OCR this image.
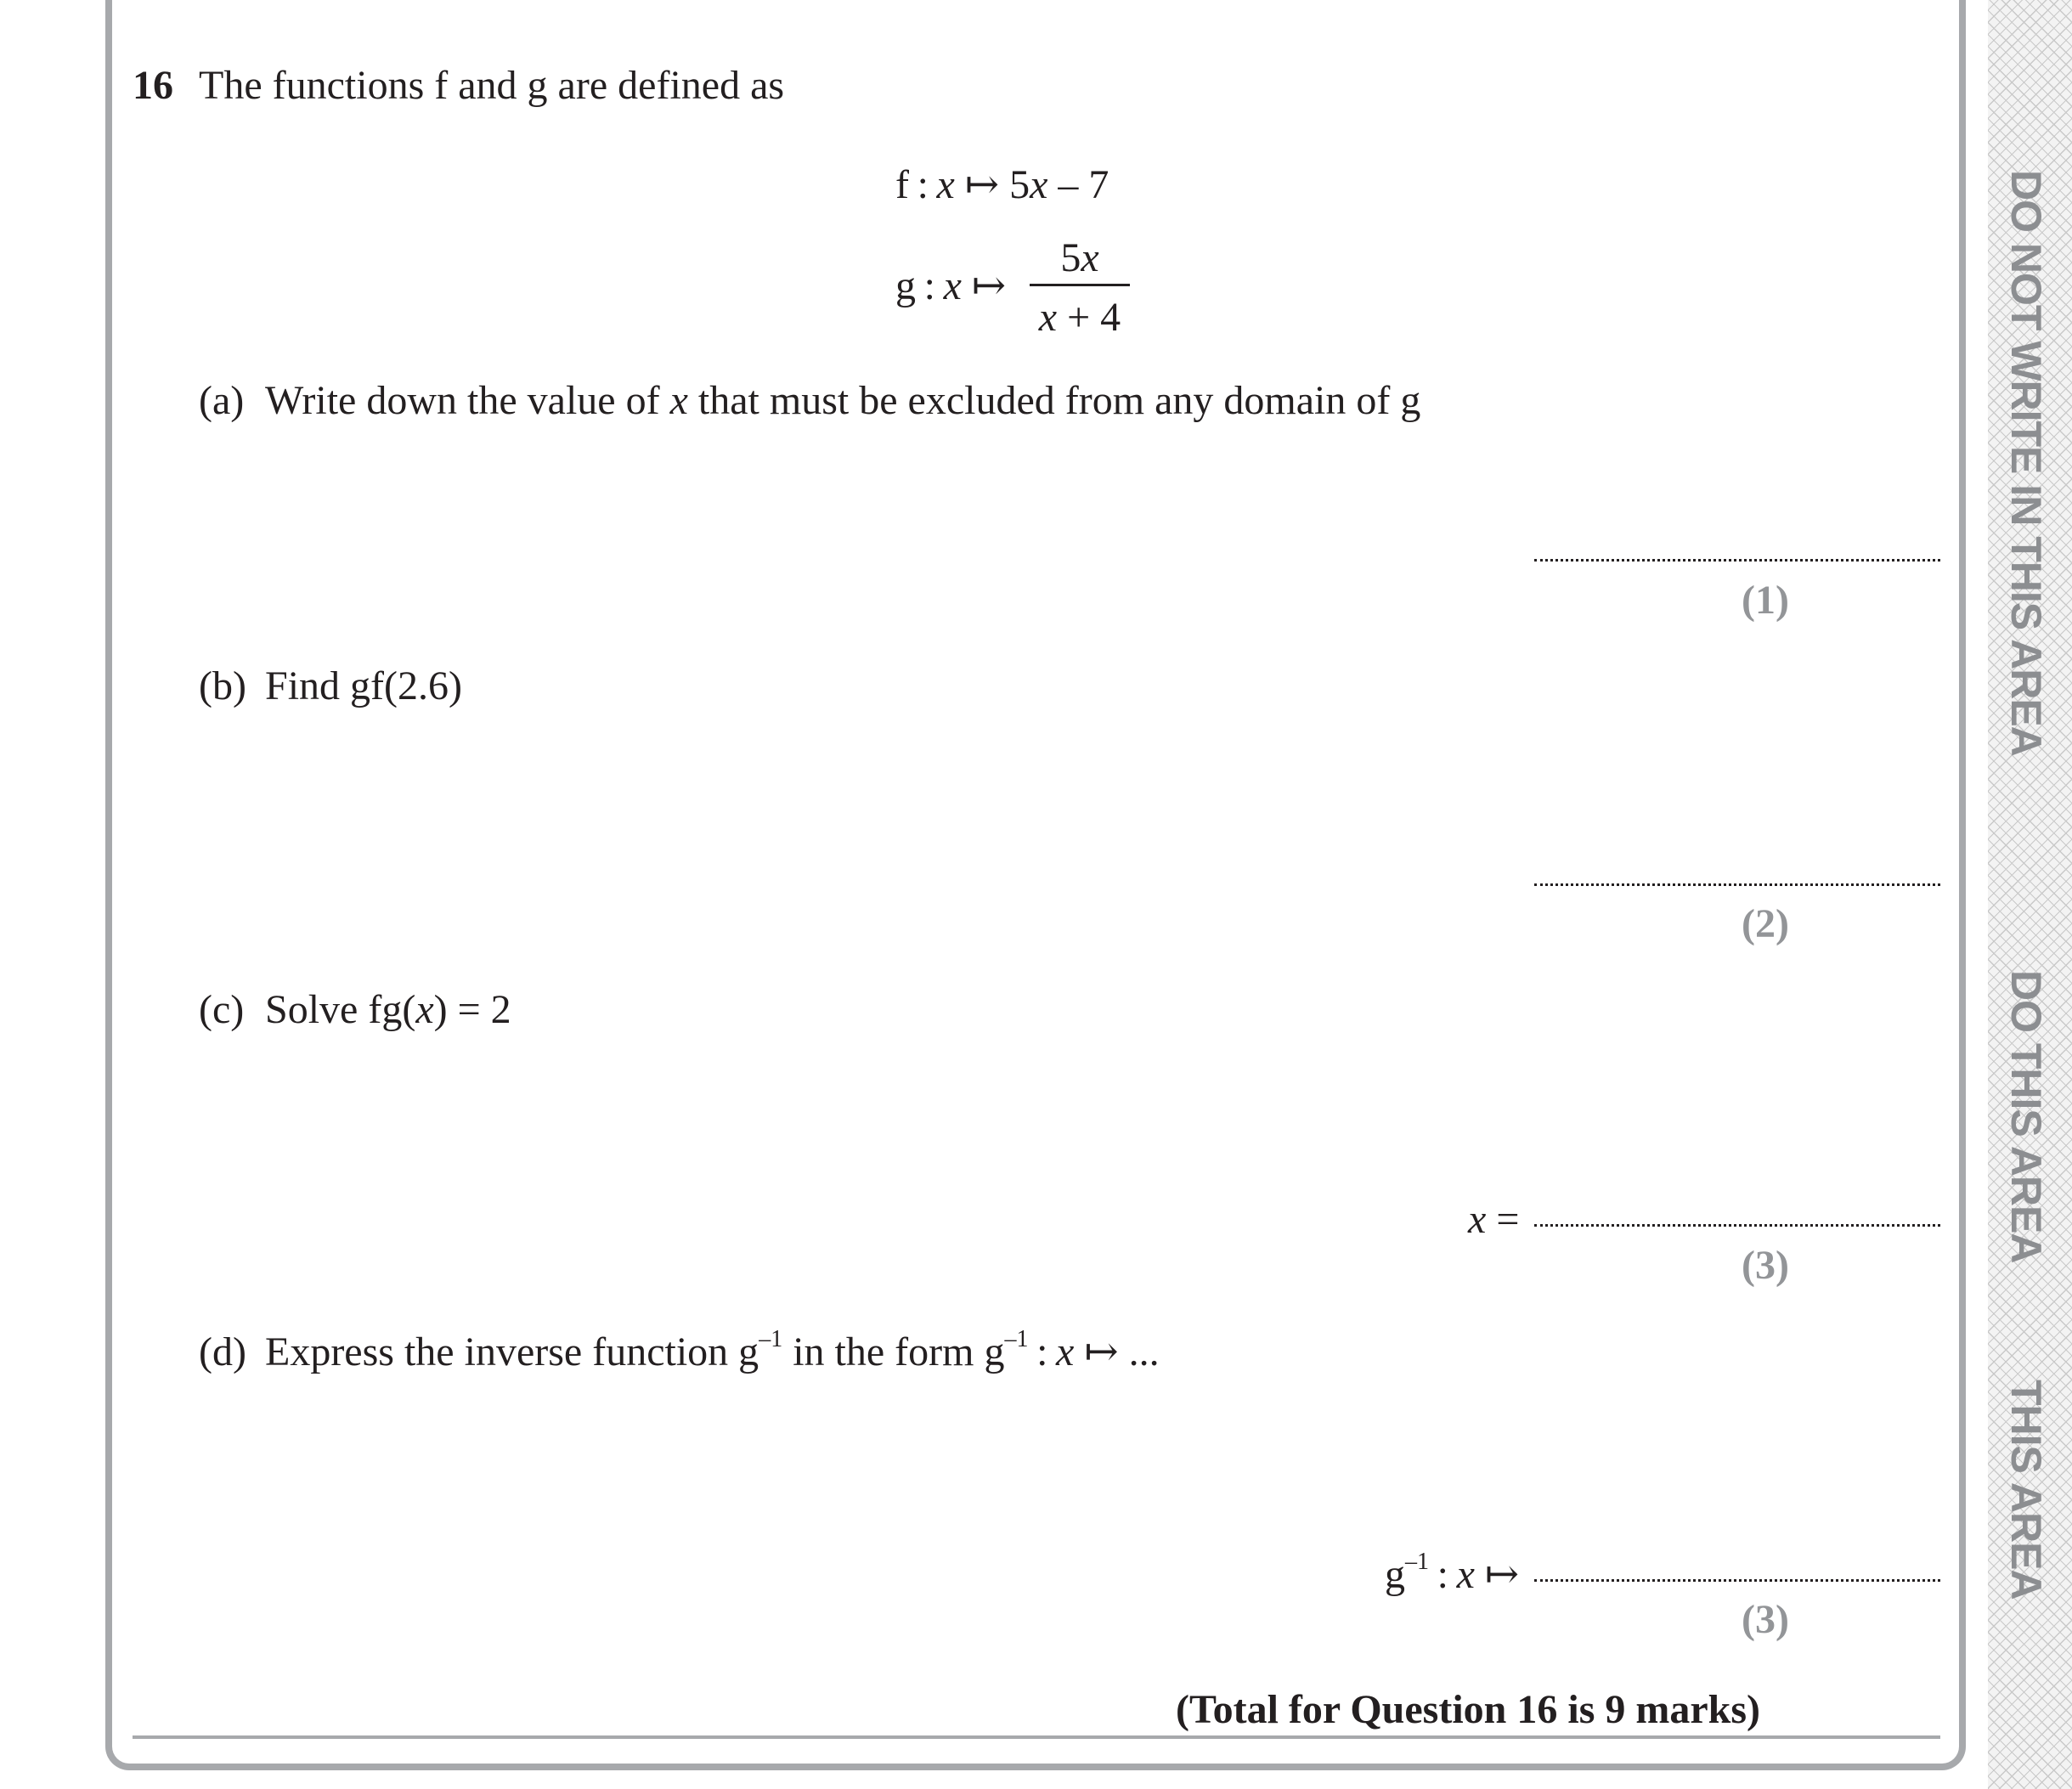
DO NOT WRITE IN THIS AREA
DO THIS AREA
THIS AREA
16 The functions f and g are defined as
f : x ↦ 5x – 7
g : x ↦
5x
x + 4
(a) Write down the value of x that must be excluded from any domain of g
(1)
(b) Find gf(2.6)
(2)
(c) Solve fg(x) = 2
x =
(3)
(d) Express the inverse function $g^{-1}$ in the form $g^{-1}$ : x ↦ ...
$g^{-1}$ : x ↦
(3)
(Total for Question 16 is 9 marks)
